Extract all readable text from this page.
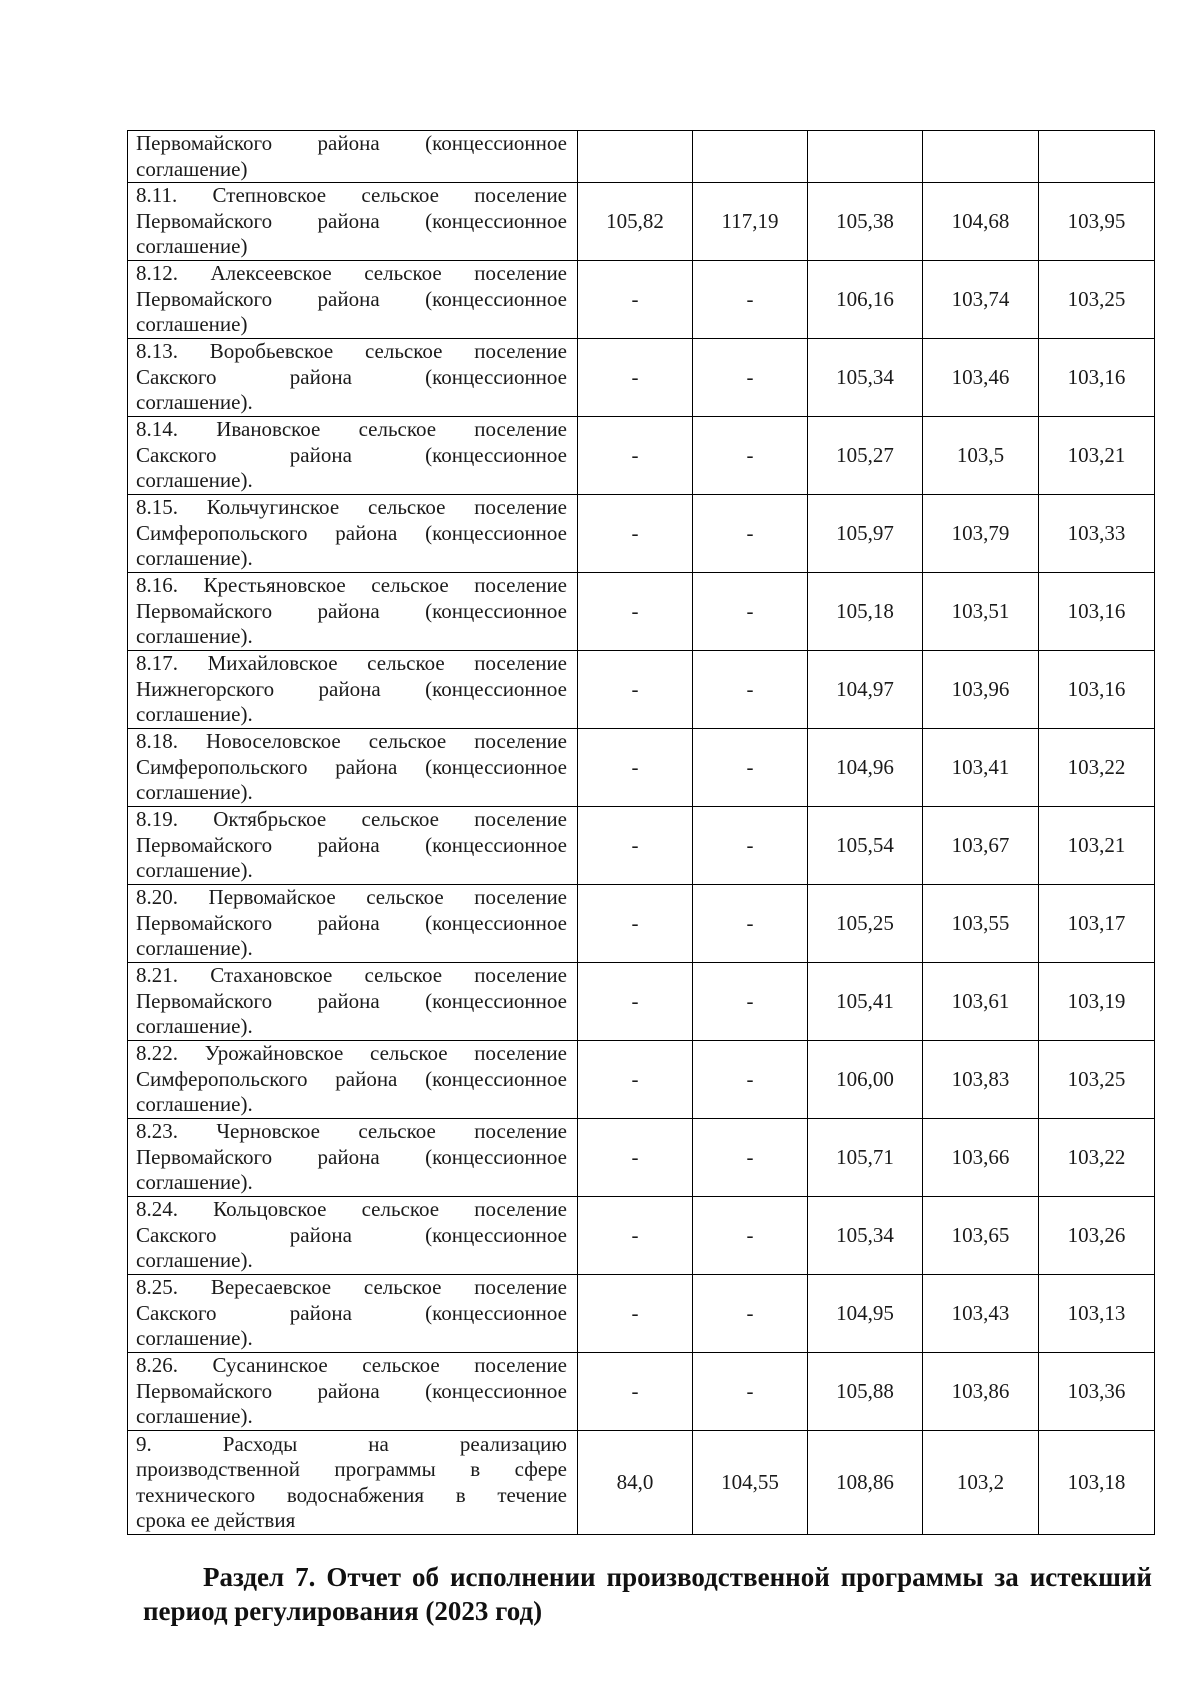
Первомайского района (концессионное
соглашение)					

8.11. Степновское сельское поселение
Первомайского района (концессионное
соглашение)	105,82	117,19	105,38	104,68	103,95

8.12. Алексеевское сельское поселение
Первомайского района (концессионное
соглашение)	-	-	106,16	103,74	103,25

8.13. Воробьевское сельское поселение
Сакского района (концессионное
соглашение).	-	-	105,34	103,46	103,16

8.14. Ивановское сельское поселение
Сакского района (концессионное
соглашение).	-	-	105,27	103,5	103,21

8.15. Кольчугинское сельское поселение
Симферопольского района (концессионное
соглашение).	-	-	105,97	103,79	103,33

8.16. Крестьяновское сельское поселение
Первомайского района (концессионное
соглашение).	-	-	105,18	103,51	103,16

8.17. Михайловское сельское поселение
Нижнегорского района (концессионное
соглашение).	-	-	104,97	103,96	103,16

8.18. Новоселовское сельское поселение
Симферопольского района (концессионное
соглашение).	-	-	104,96	103,41	103,22

8.19. Октябрьское сельское поселение
Первомайского района (концессионное
соглашение).	-	-	105,54	103,67	103,21

8.20. Первомайское сельское поселение
Первомайского района (концессионное
соглашение).	-	-	105,25	103,55	103,17

8.21. Стахановское сельское поселение
Первомайского района (концессионное
соглашение).	-	-	105,41	103,61	103,19

8.22. Урожайновское сельское поселение
Симферопольского района (концессионное
соглашение).	-	-	106,00	103,83	103,25

8.23. Черновское сельское поселение
Первомайского района (концессионное
соглашение).	-	-	105,71	103,66	103,22

8.24. Кольцовское сельское поселение
Сакского района (концессионное
соглашение).	-	-	105,34	103,65	103,26

8.25. Вересаевское сельское поселение
Сакского района (концессионное
соглашение).	-	-	104,95	103,43	103,13

8.26. Сусанинское сельское поселение
Первомайского района (концессионное
соглашение).	-	-	105,88	103,86	103,36

9. Расходы на реализацию
производственной программы в сфере
технического водоснабжения в течение
срока ее действия	84,0	104,55	108,86	103,2	103,18
Раздел 7. Отчет об исполнении производственной программы за истекший
период регулирования (2023 год)
